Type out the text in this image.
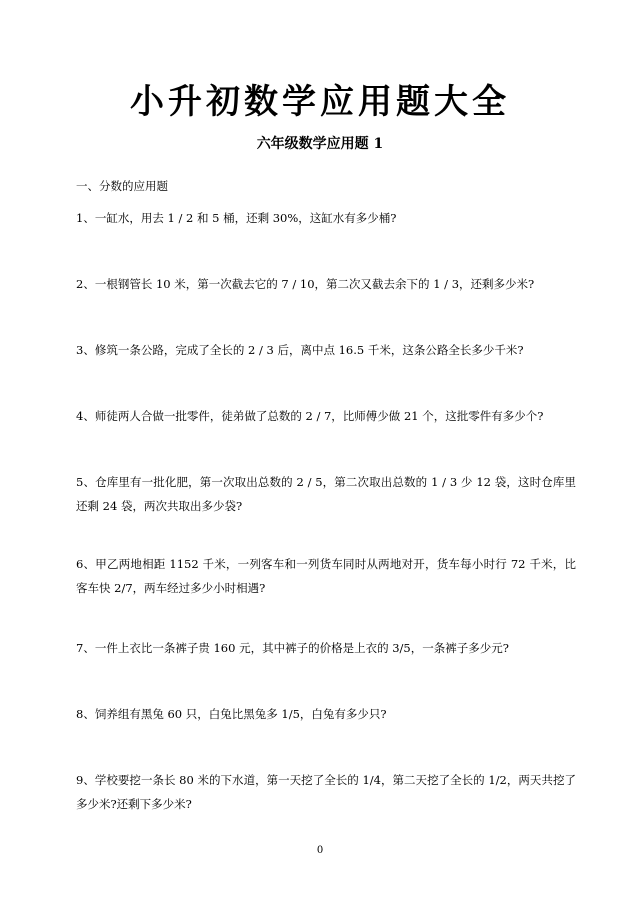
小升初数学应用题大全
六年级数学应用题 1
一、分数的应用题
1、一缸水，用去 1 / 2 和 5 桶，还剩 30%，这缸水有多少桶?
2、一根钢管长 10 米，第一次截去它的 7 / 10，第二次又截去余下的 1 / 3，还剩多少米?
3、修筑一条公路，完成了全长的 2 / 3 后，离中点 16.5 千米，这条公路全长多少千米?
4、师徒两人合做一批零件，徒弟做了总数的 2 / 7，比师傅少做 21 个，这批零件有多少个?
5、仓库里有一批化肥，第一次取出总数的 2 / 5，第二次取出总数的 1 / 3 少 12 袋，这时仓库里还剩 24 袋，两次共取出多少袋?
6、甲乙两地相距 1152 千米，一列客车和一列货车同时从两地对开，货车每小时行 72 千米，比客车快 2/7，两车经过多少小时相遇?
7、一件上衣比一条裤子贵 160 元，其中裤子的价格是上衣的 3/5，一条裤子多少元?
8、饲养组有黑兔 60 只，白兔比黑兔多 1/5，白兔有多少只?
9、学校要挖一条长 80 米的下水道，第一天挖了全长的 1/4，第二天挖了全长的 1/2，两天共挖了多少米?还剩下多少米?
0
